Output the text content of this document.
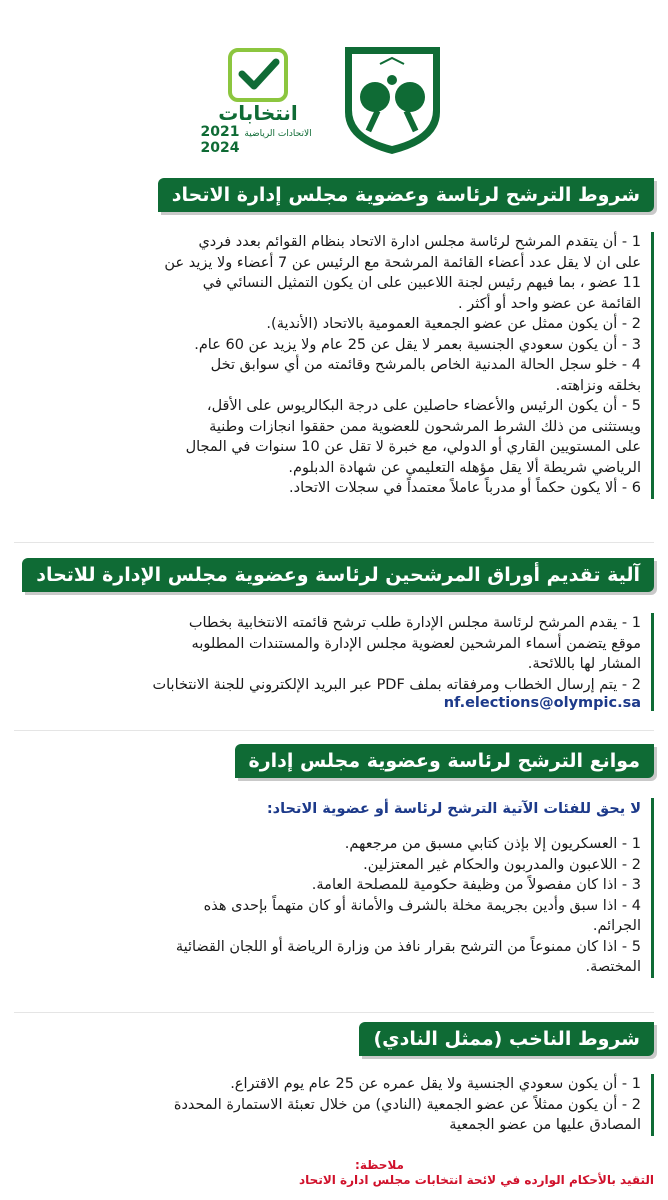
انتخابات
الاتحادات الرياضية
2021
2024
شروط الترشح لرئاسة وعضوية مجلس إدارة الاتحاد
1 - أن يتقدم المرشح لرئاسة مجلس ادارة الاتحاد بنظام القوائم بعدد فردي
على ان لا يقل عدد أعضاء القائمة المرشحة مع الرئيس عن 7 أعضاء ولا يزيد عن
11 عضو ، بما فيهم رئيس لجنة اللاعبين على ان يكون التمثيل النسائي في
القائمة عن عضو واحد أو أكثر .
2 - أن يكون ممثل عن عضو الجمعية العمومية بالاتحاد (الأندية).
3 - أن يكون سعودي الجنسية بعمر لا يقل عن 25 عام ولا يزيد عن 60 عام.
4 - خلو سجل الحالة المدنية الخاص بالمرشح وقائمته من أي سوابق تخل
بخلقه ونزاهته.
5 - أن يكون الرئيس والأعضاء حاصلين على درجة البكالريوس على الأقل،
ويستثنى من ذلك الشرط المرشحون للعضوية ممن حققوا انجازات وطنية
على المستويين القاري أو الدولي، مع خبرة لا تقل عن 10 سنوات في المجال
الرياضي شريطة ألا يقل مؤهله التعليمي عن شهادة الدبلوم.
6 - ألا يكون حكماً أو مدرباً عاملاً معتمداً في سجلات الاتحاد.
آلية تقديم أوراق المرشحين لرئاسة وعضوية مجلس الإدارة للاتحاد
1 - يقدم المرشح لرئاسة مجلس الإدارة طلب ترشح قائمته الانتخابية بخطاب
موقع يتضمن أسماء المرشحين لعضوية مجلس الإدارة والمستندات المطلوبه
المشار لها باللائحة.
2 - يتم إرسال الخطاب ومرفقاته بملف PDF عبر البريد الإلكتروني للجنة الانتخابات
nf.elections@olympic.sa
موانع الترشح لرئاسة وعضوية مجلس إدارة
لا يحق للفئات الآتية الترشح لرئاسة أو عضوية الاتحاد:
1 - العسكريون إلا بإذن كتابي مسبق من مرجعهم.
2 - اللاعبون والمدربون والحكام غير المعتزلين.
3 - اذا كان مفصولاً من وظيفة حكومية للمصلحة العامة.
4 - اذا سبق وأدين بجريمة مخلة بالشرف والأمانة أو كان متهماً بإحدى هذه
الجرائم.
5 - اذا كان ممنوعاً من الترشح بقرار نافذ من وزارة الرياضة أو اللجان القضائية
المختصة.
شروط الناخب (ممثل النادي)
1 - أن يكون سعودي الجنسية ولا يقل عمره عن 25 عام يوم الاقتراع.
2 - أن يكون ممثلاً عن عضو الجمعية (النادي) من خلال تعبئة الاستمارة المحددة
المصادق عليها من عضو الجمعية
ملاحظة:
التقيد بالأحكام الوارده في لائحة انتخابات مجلس ادارة الاتحاد
